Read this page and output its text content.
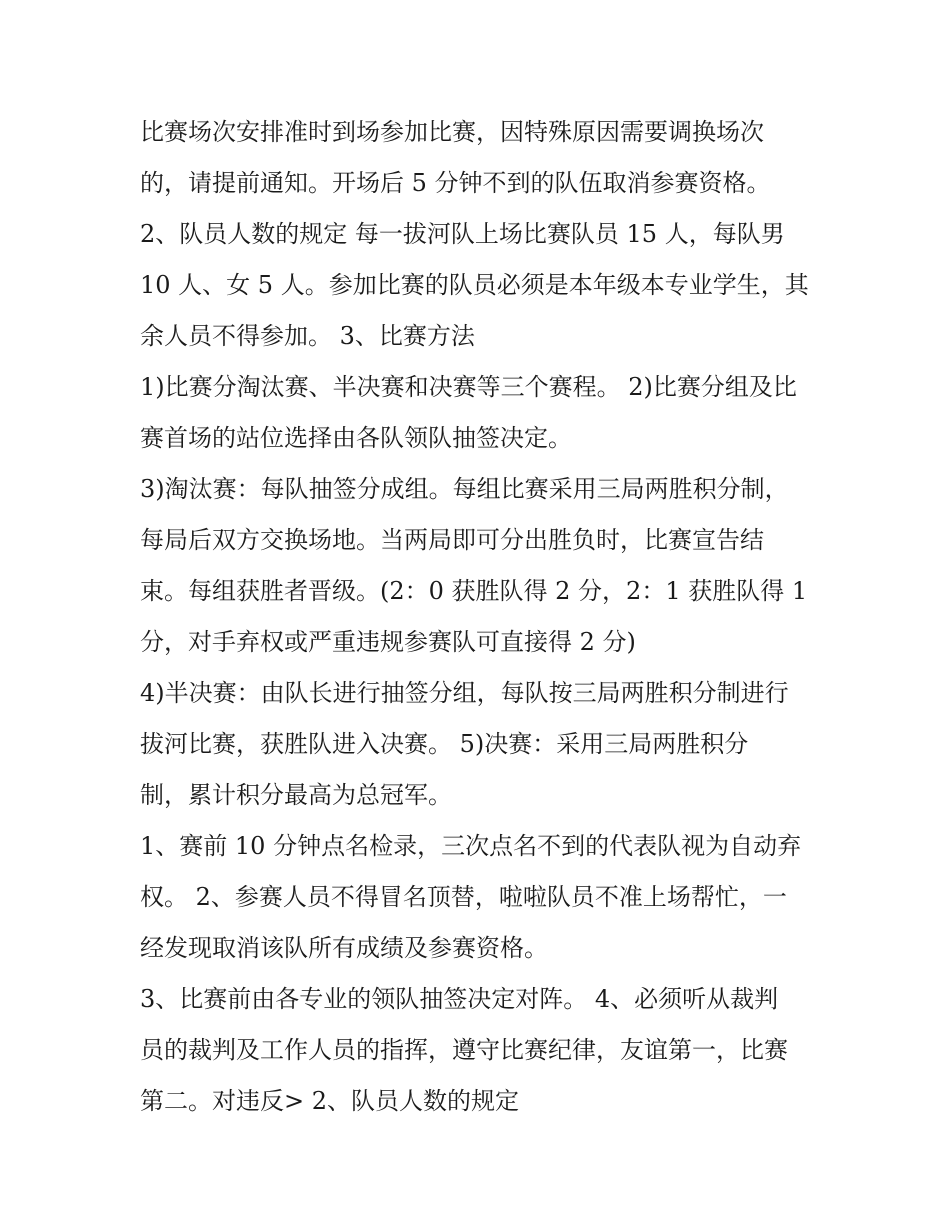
比赛场次安排准时到场参加比赛，因特殊原因需要调换场次
的，请提前通知。开场后 5 分钟不到的队伍取消参赛资格。
2、队员人数的规定 每一拔河队上场比赛队员 15 人，每队男
10 人、女 5 人。参加比赛的队员必须是本年级本专业学生，其
余人员不得参加。 3、比赛方法
1)比赛分淘汰赛、半决赛和决赛等三个赛程。 2)比赛分组及比
赛首场的站位选择由各队领队抽签决定。
3)淘汰赛：每队抽签分成组。每组比赛采用三局两胜积分制，
每局后双方交换场地。当两局即可分出胜负时，比赛宣告结
束。每组获胜者晋级。(2：0 获胜队得 2 分，2：1 获胜队得 1
分，对手弃权或严重违规参赛队可直接得 2 分)
4)半决赛：由队长进行抽签分组，每队按三局两胜积分制进行
拔河比赛，获胜队进入决赛。 5)决赛：采用三局两胜积分
制，累计积分最高为总冠军。
1、赛前 10 分钟点名检录，三次点名不到的代表队视为自动弃
权。 2、参赛人员不得冒名顶替，啦啦队员不准上场帮忙，一
经发现取消该队所有成绩及参赛资格。
3、比赛前由各专业的领队抽签决定对阵。 4、必须听从裁判
员的裁判及工作人员的指挥，遵守比赛纪律，友谊第一，比赛
第二。对违反> 2、队员人数的规定
